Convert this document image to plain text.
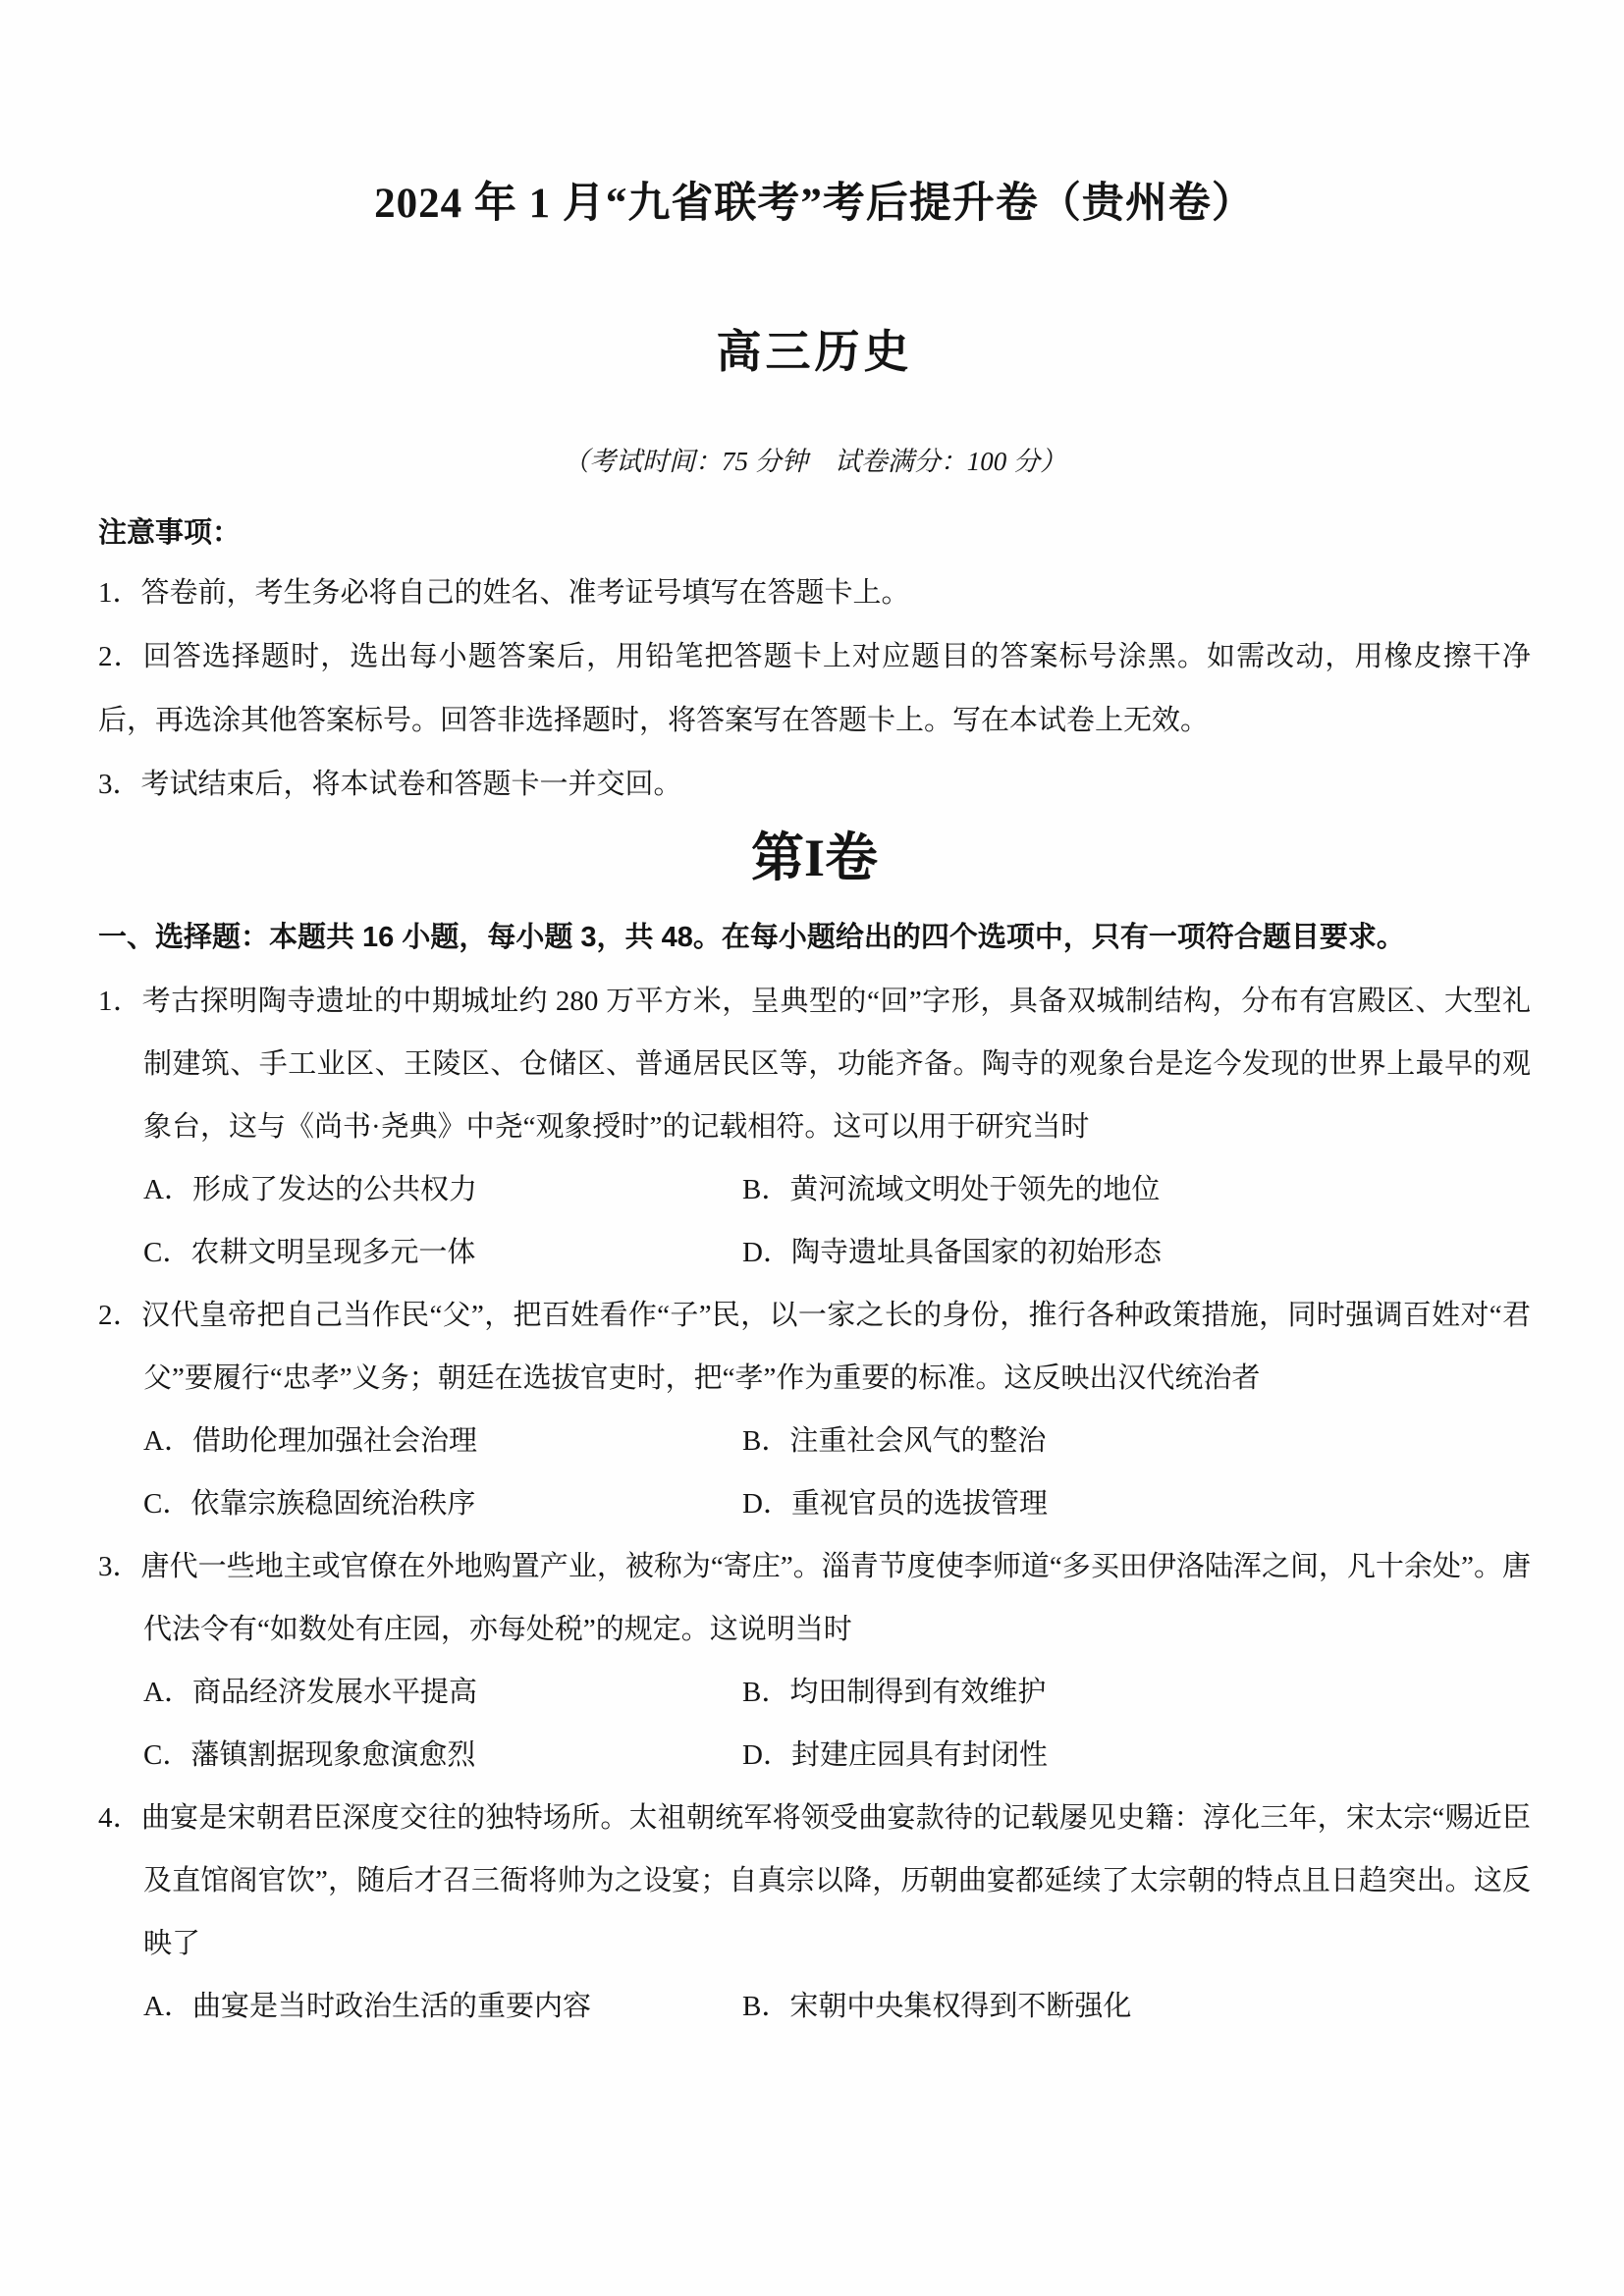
2024 年 1 月“九省联考”考后提升卷（贵州卷）
高三历史
（考试时间：75 分钟　试卷满分：100 分）
注意事项：

1．答卷前，考生务必将自己的姓名、准考证号填写在答题卡上。

2．回答选择题时，选出每小题答案后，用铅笔把答题卡上对应题目的答案标号涂黑。如需改动，用橡皮擦干净后，再选涂其他答案标号。回答非选择题时，将答案写在答题卡上。写在本试卷上无效。

3．考试结束后，将本试卷和答题卡一并交回。

第I卷
一、选择题：本题共 16 小题，每小题 3，共 48。在每小题给出的四个选项中，只有一项符合题目要求。

1．考古探明陶寺遗址的中期城址约 280 万平方米，呈典型的“回”字形，具备双城制结构，分布有宫殿区、大型礼制建筑、手工业区、王陵区、仓储区、普通居民区等，功能齐备。陶寺的观象台是迄今发现的世界上最早的观象台，这与《尚书·尧典》中尧“观象授时”的记载相符。这可以用于研究当时

A．形成了发达的公共权力	B．黄河流域文明处于领先的地位
C．农耕文明呈现多元一体	D．陶寺遗址具备国家的初始形态

2．汉代皇帝把自己当作民“父”，把百姓看作“子”民，以一家之长的身份，推行各种政策措施，同时强调百姓对“君父”要履行“忠孝”义务；朝廷在选拔官吏时，把“孝”作为重要的标准。这反映出汉代统治者

A．借助伦理加强社会治理	B．注重社会风气的整治
C．依靠宗族稳固统治秩序	D．重视官员的选拔管理

3．唐代一些地主或官僚在外地购置产业，被称为“寄庄”。淄青节度使李师道“多买田伊洛陆浑之间，凡十余处”。唐代法令有“如数处有庄园，亦每处税”的规定。这说明当时

A．商品经济发展水平提高	B．均田制得到有效维护
C．藩镇割据现象愈演愈烈	D．封建庄园具有封闭性

4．曲宴是宋朝君臣深度交往的独特场所。太祖朝统军将领受曲宴款待的记载屡见史籍：淳化三年，宋太宗“赐近臣及直馆阁官饮”，随后才召三衙将帅为之设宴；自真宗以降，历朝曲宴都延续了太宗朝的特点且日趋突出。这反映了

A．曲宴是当时政治生活的重要内容	B．宋朝中央集权得到不断强化
